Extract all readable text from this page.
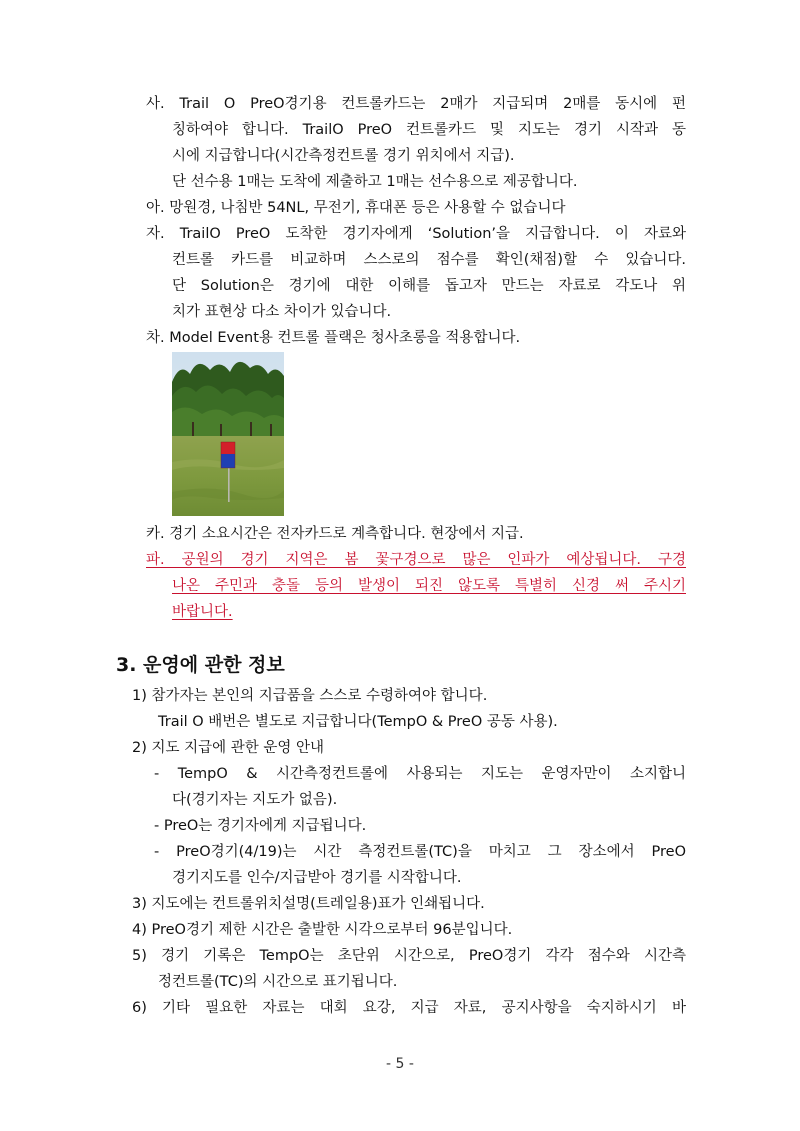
사. Trail O PreO경기용 컨트롤카드는 2매가 지급되며 2매를 동시에 펀
칭하여야 합니다. TrailO PreO 컨트롤카드 및 지도는 경기 시작과 동
시에 지급합니다(시간측정컨트롤 경기 위치에서 지급).
단 선수용 1매는 도착에 제출하고 1매는 선수용으로 제공합니다.
아. 망원경, 나침반 54NL, 무전기, 휴대폰 등은 사용할 수 없습니다
자. TrailO PreO 도착한 경기자에게 ‘Solution’을 지급합니다. 이 자료와
컨트롤 카드를 비교하며 스스로의 점수를 확인(채점)할 수 있습니다.
단 Solution은 경기에 대한 이해를 돕고자 만드는 자료로 각도나 위
치가 표현상 다소 차이가 있습니다.
차. Model Event용 컨트롤 플랙은 청사초롱을 적용합니다.
카. 경기 소요시간은 전자카드로 계측합니다. 현장에서 지급.
파. 공원의 경기 지역은 봄 꽃구경으로 많은 인파가 예상됩니다. 구경
나온 주민과 충돌 등의 발생이 되진 않도록 특별히 신경 써 주시기
바랍니다.
3. 운영에 관한 정보
1) 참가자는 본인의 지급품을 스스로 수령하여야 합니다.
Trail O 배번은 별도로 지급합니다(TempO & PreO 공동 사용).
2) 지도 지급에 관한 운영 안내
- TempO & 시간측정컨트롤에 사용되는 지도는 운영자만이 소지합니
다(경기자는 지도가 없음).
- PreO는 경기자에게 지급됩니다.
- PreO경기(4/19)는 시간 측정컨트롤(TC)을 마치고 그 장소에서 PreO
경기지도를 인수/지급받아 경기를 시작합니다.
3) 지도에는 컨트롤위치설명(트레일용)표가 인쇄됩니다.
4) PreO경기 제한 시간은 출발한 시각으로부터 96분입니다.
5) 경기 기록은 TempO는 초단위 시간으로, PreO경기 각각 점수와 시간측
정컨트롤(TC)의 시간으로 표기됩니다.
6) 기타 필요한 자료는 대회 요강, 지급 자료, 공지사항을 숙지하시기 바
- 5 -
